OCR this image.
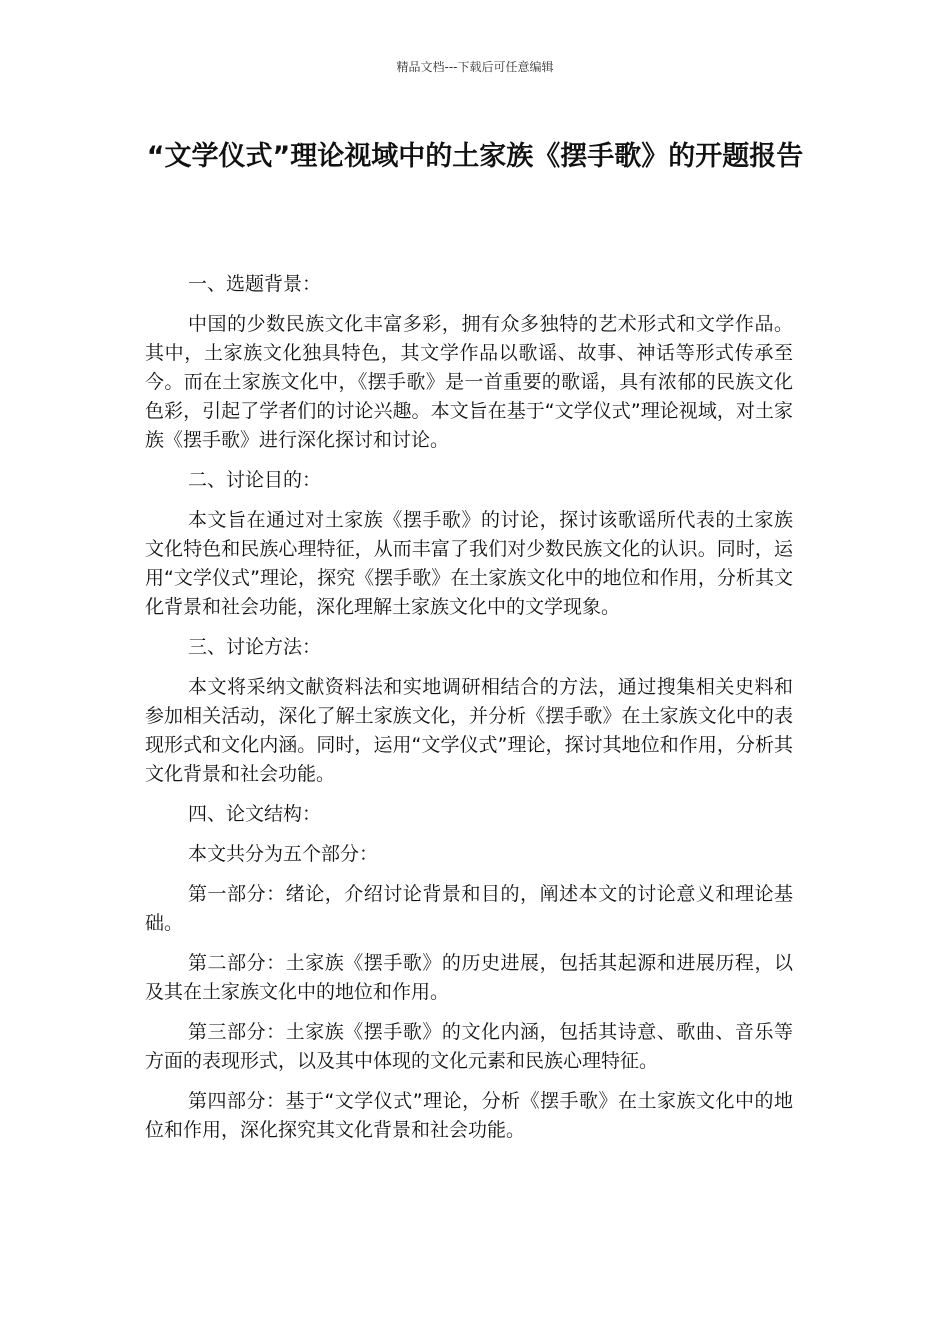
精品文档---下载后可任意编辑
“文学仪式”理论视域中的土家族《摆手歌》的开题报告

一、选题背景：

中国的少数民族文化丰富多彩，拥有众多独特的艺术形式和文学作品。其中，土家族文化独具特色，其文学作品以歌谣、故事、神话等形式传承至今。而在土家族文化中，《摆手歌》是一首重要的歌谣，具有浓郁的民族文化色彩，引起了学者们的讨论兴趣。本文旨在基于“文学仪式”理论视域，对土家族《摆手歌》进行深化探讨和讨论。

二、讨论目的：

本文旨在通过对土家族《摆手歌》的讨论，探讨该歌谣所代表的土家族文化特色和民族心理特征，从而丰富了我们对少数民族文化的认识。同时，运用“文学仪式”理论，探究《摆手歌》在土家族文化中的地位和作用，分析其文化背景和社会功能，深化理解土家族文化中的文学现象。

三、讨论方法：

本文将采纳文献资料法和实地调研相结合的方法，通过搜集相关史料和参加相关活动，深化了解土家族文化，并分析《摆手歌》在土家族文化中的表现形式和文化内涵。同时，运用“文学仪式”理论，探讨其地位和作用，分析其文化背景和社会功能。

四、论文结构：

本文共分为五个部分：

第一部分：绪论，介绍讨论背景和目的，阐述本文的讨论意义和理论基础。

第二部分：土家族《摆手歌》的历史进展，包括其起源和进展历程，以及其在土家族文化中的地位和作用。

第三部分：土家族《摆手歌》的文化内涵，包括其诗意、歌曲、音乐等方面的表现形式，以及其中体现的文化元素和民族心理特征。

第四部分：基于“文学仪式”理论，分析《摆手歌》在土家族文化中的地位和作用，深化探究其文化背景和社会功能。
